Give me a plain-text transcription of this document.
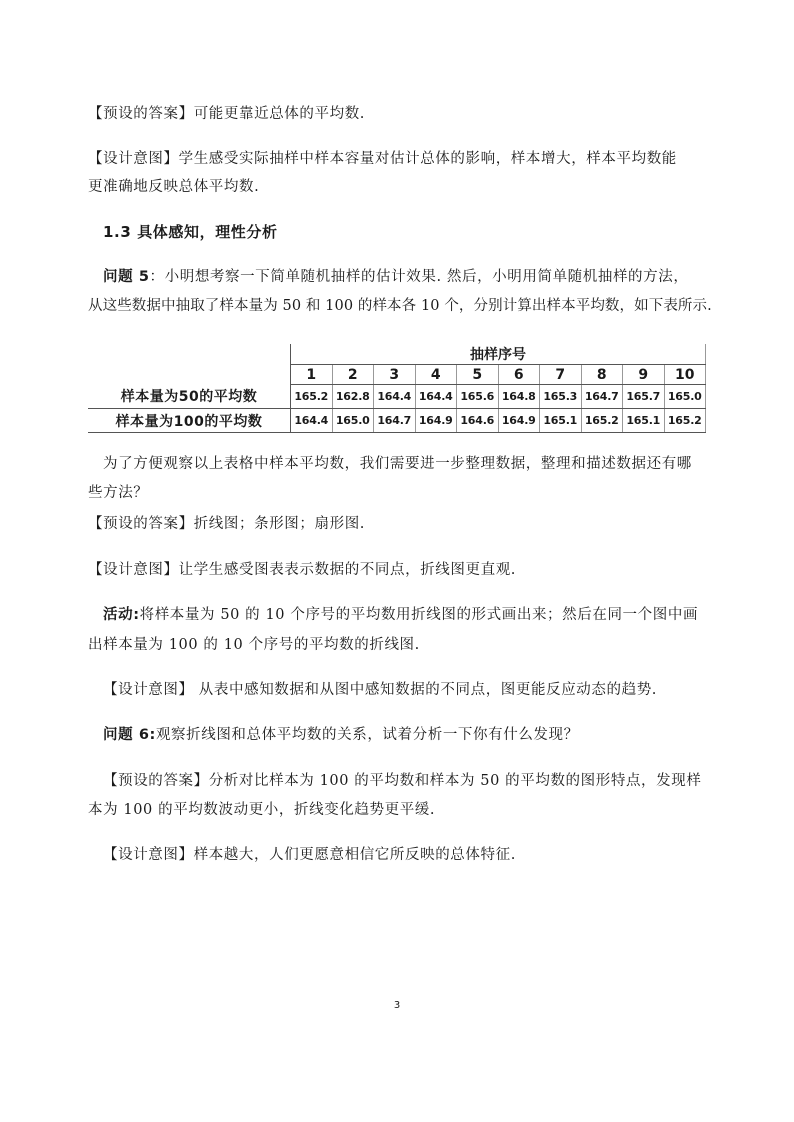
【预设的答案】可能更靠近总体的平均数.
【设计意图】学生感受实际抽样中样本容量对估计总体的影响，样本增大，样本平均数能
更准确地反映总体平均数.
1.3 具体感知，理性分析
问题 5：小明想考察一下简单随机抽样的估计效果. 然后，小明用简单随机抽样的方法，
从这些数据中抽取了样本量为 50 和 100 的样本各 10 个，分别计算出样本平均数，如下表所示.
	抽样序号									
	1	2	3	4	5	6	7	8	9	10
样本量为50的平均数	165.2	162.8	164.4	164.4	165.6	164.8	165.3	164.7	165.7	165.0
样本量为100的平均数	164.4	165.0	164.7	164.9	164.6	164.9	165.1	165.2	165.1	165.2
为了方便观察以上表格中样本平均数，我们需要进一步整理数据，整理和描述数据还有哪
些方法？
【预设的答案】折线图；条形图；扇形图.
【设计意图】让学生感受图表表示数据的不同点，折线图更直观.
活动:将样本量为 50 的 10 个序号的平均数用折线图的形式画出来；然后在同一个图中画
出样本量为 100 的 10 个序号的平均数的折线图.
【设计意图】 从表中感知数据和从图中感知数据的不同点，图更能反应动态的趋势.
问题 6:观察折线图和总体平均数的关系，试着分析一下你有什么发现？
【预设的答案】分析对比样本为 100 的平均数和样本为 50 的平均数的图形特点，发现样
本为 100 的平均数波动更小，折线变化趋势更平缓.
【设计意图】样本越大，人们更愿意相信它所反映的总体特征.
3
